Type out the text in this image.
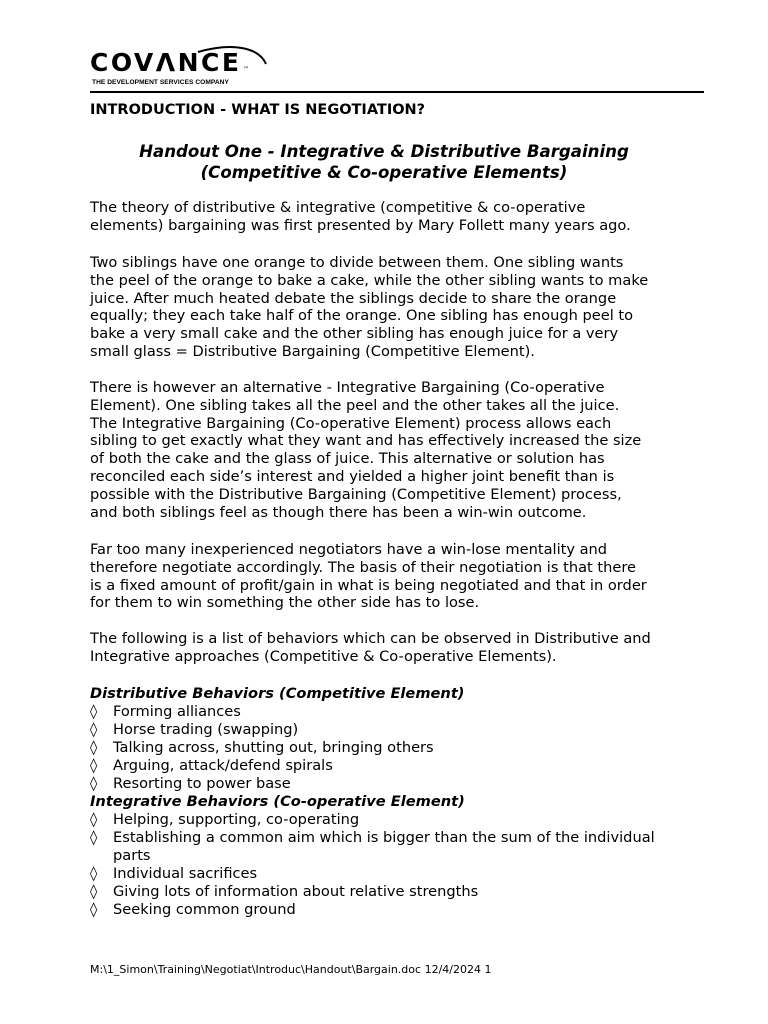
COVΛNCE ™
THE DEVELOPMENT SERVICES COMPANY
INTRODUCTION - WHAT IS NEGOTIATION?
Handout One - Integrative & Distributive Bargaining
(Competitive & Co-operative Elements)
The theory of distributive & integrative (competitive & co-operative
elements) bargaining was first presented by Mary Follett many years ago.
Two siblings have one orange to divide between them. One sibling wants
the peel of the orange to bake a cake, while the other sibling wants to make
juice. After much heated debate the siblings decide to share the orange
equally; they each take half of the orange. One sibling has enough peel to
bake a very small cake and the other sibling has enough juice for a very
small glass = Distributive Bargaining (Competitive Element).
There is however an alternative - Integrative Bargaining (Co-operative
Element). One sibling takes all the peel and the other takes all the juice.
The Integrative Bargaining (Co-operative Element) process allows each
sibling to get exactly what they want and has effectively increased the size
of both the cake and the glass of juice. This alternative or solution has
reconciled each side’s interest and yielded a higher joint benefit than is
possible with the Distributive Bargaining (Competitive Element) process,
and both siblings feel as though there has been a win-win outcome.
Far too many inexperienced negotiators have a win-lose mentality and
therefore negotiate accordingly. The basis of their negotiation is that there
is a fixed amount of profit/gain in what is being negotiated and that in order
for them to win something the other side has to lose.
The following is a list of behaviors which can be observed in Distributive and
Integrative approaches (Competitive & Co-operative Elements).
Distributive Behaviors (Competitive Element)
◊ Forming alliances
◊ Horse trading (swapping)
◊ Talking across, shutting out, bringing others
◊ Arguing, attack/defend spirals
◊ Resorting to power base
Integrative Behaviors (Co-operative Element)
◊ Helping, supporting, co-operating
◊ Establishing a common aim which is bigger than the sum of the individual
parts
◊ Individual sacrifices
◊ Giving lots of information about relative strengths
◊ Seeking common ground
M:\1_Simon\Training\Negotiat\Introduc\Handout\Bargain.doc 12/4/2024 1
